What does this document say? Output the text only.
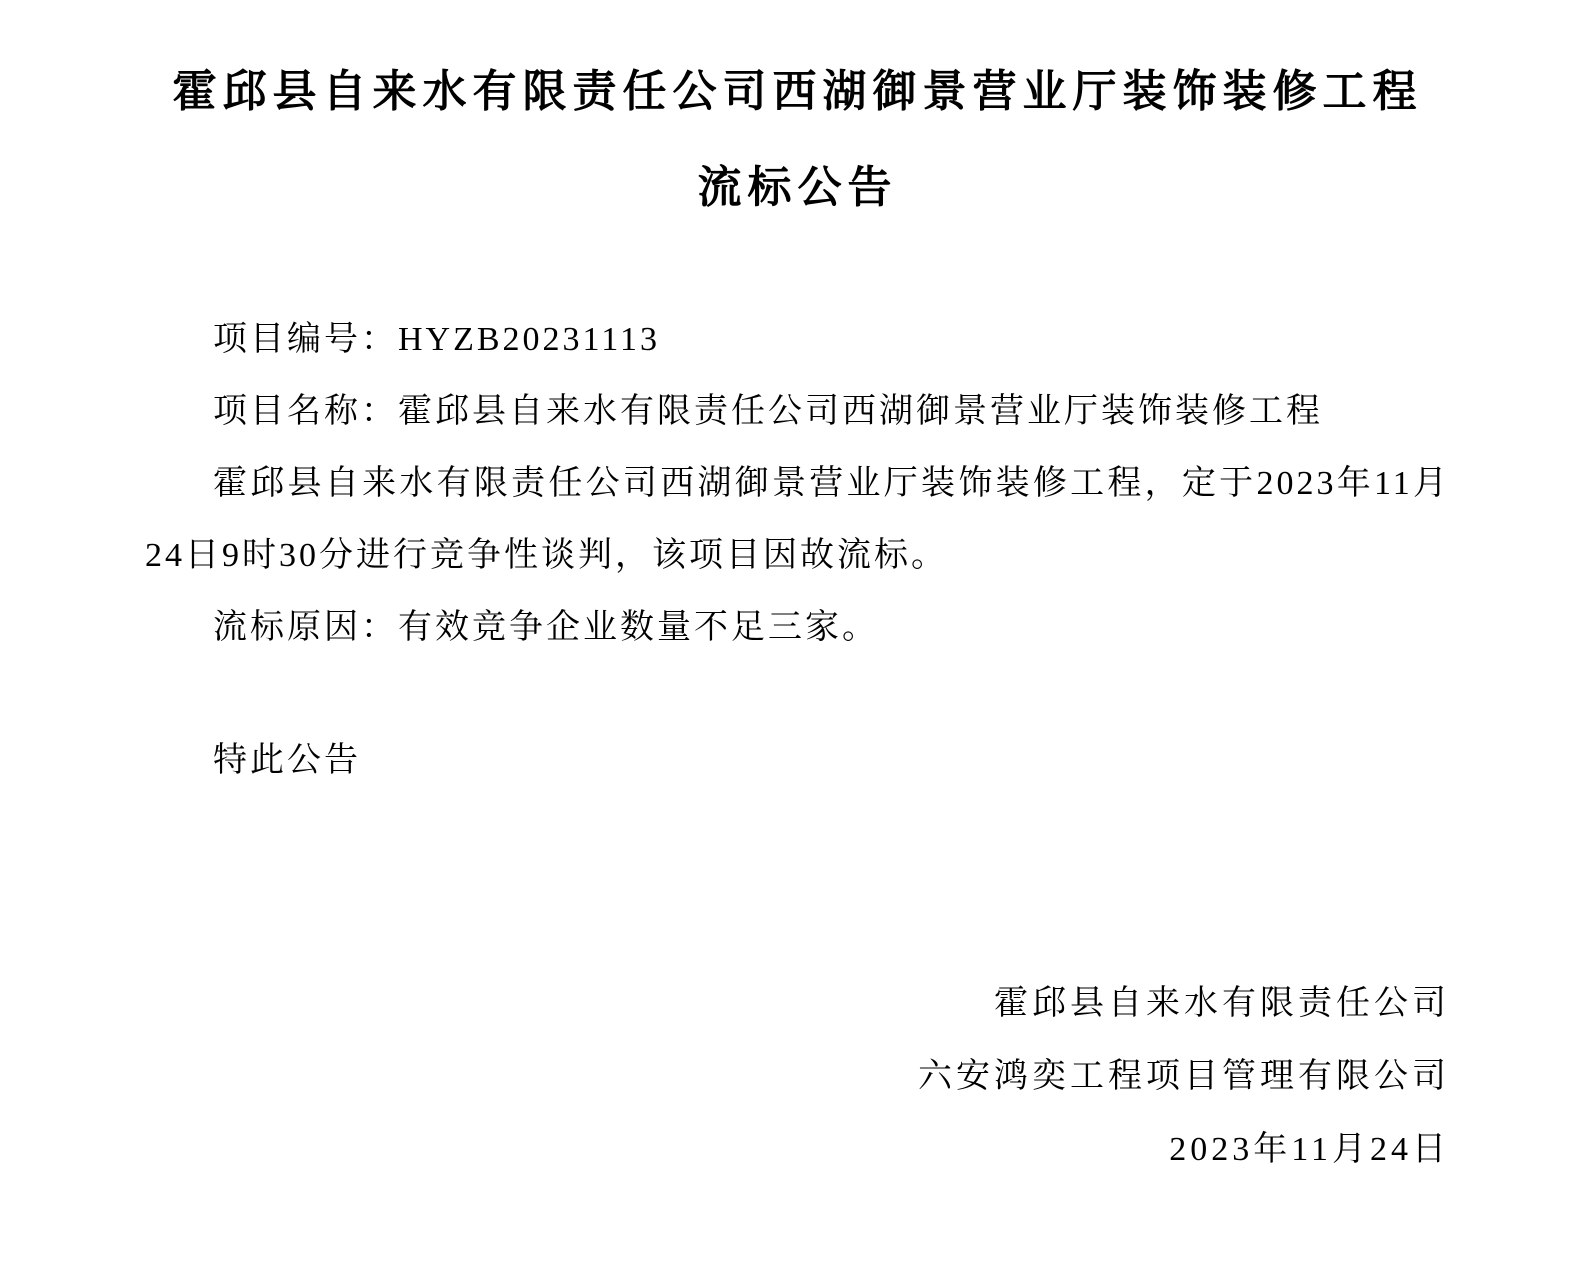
霍邱县自来水有限责任公司西湖御景营业厅装饰装修工程
流标公告

项目编号：HYZB20231113

项目名称：霍邱县自来水有限责任公司西湖御景营业厅装饰装修工程

霍邱县自来水有限责任公司西湖御景营业厅装饰装修工程，定于2023年11月24日9时30分进行竞争性谈判，该项目因故流标。

流标原因：有效竞争企业数量不足三家。

特此公告

霍邱县自来水有限责任公司
六安鸿奕工程项目管理有限公司
2023年11月24日
